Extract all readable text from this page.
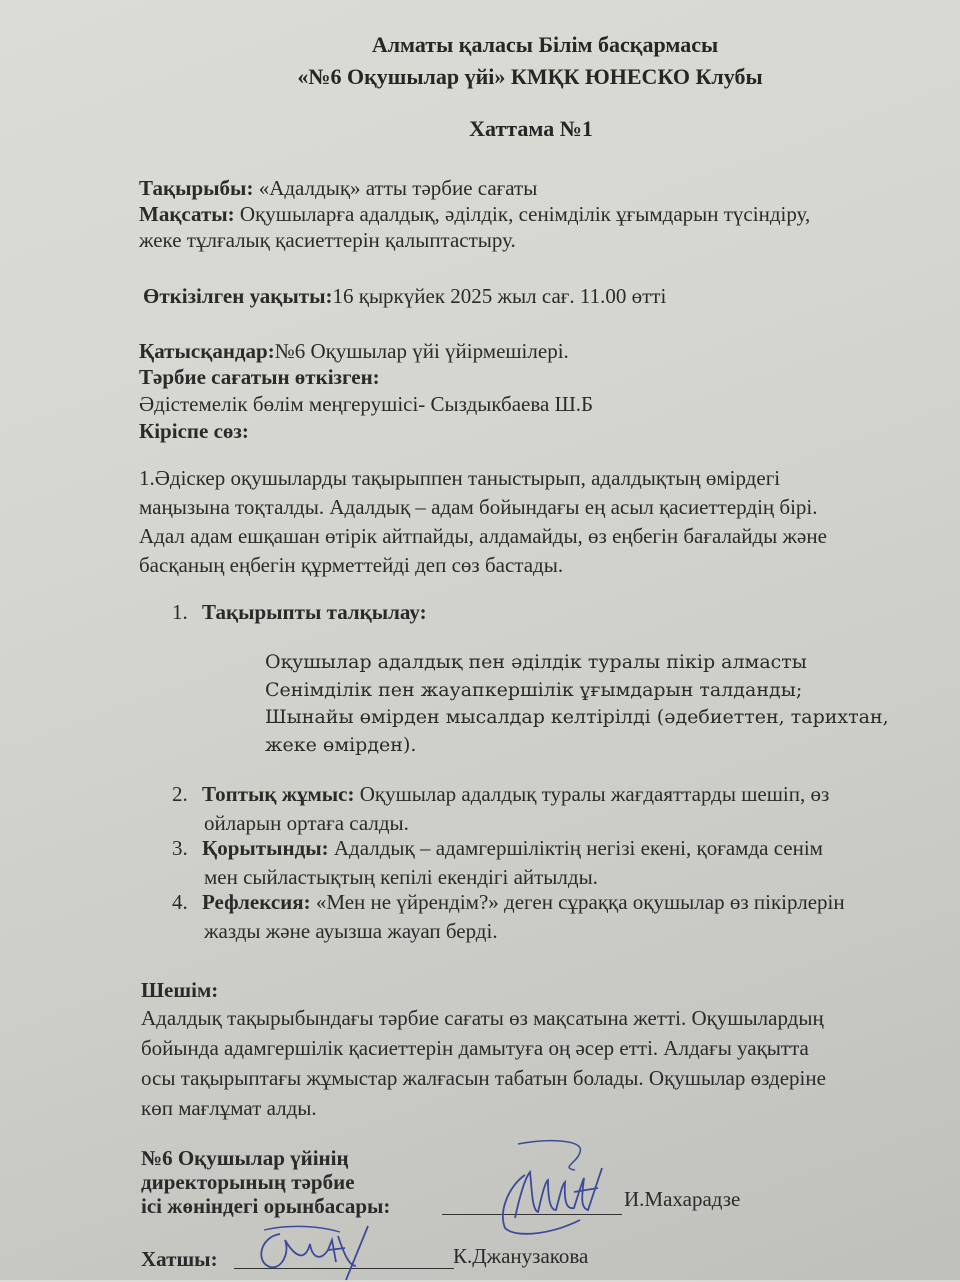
Алматы қаласы Білім басқармасы
«№6 Оқушылар үйі» КМҚК ЮНЕСКО Клубы
Хаттама №1
Тақырыбы: «Адалдық» атты тәрбие сағаты
Мақсаты: Оқушыларға адалдық, әділдік, сенімділік ұғымдарын түсіндіру,
жеке тұлғалық қасиеттерін қалыптастыру.
Өткізілген уақыты:16 қыркүйек 2025 жыл сағ. 11.00 өтті
Қатысқандар:№6 Оқушылар үйі үйірмешілері.
Тәрбие сағатын өткізген:
Әдістемелік бөлім меңгерушісі- Сыздыкбаева Ш.Б
Кіріспе сөз:
1.Әдіскер оқушыларды тақырыппен таныстырып, адалдықтың өмірдегі
маңызына тоқталды. Адалдық – адам бойындағы ең асыл қасиеттердің бірі.
Адал адам ешқашан өтірік айтпайды, алдамайды, өз еңбегін бағалайды және
басқаның еңбегін құрметтейді деп сөз бастады.
1. Тақырыпты талқылау:
Оқушылар адалдық пен әділдік туралы пікір алмасты
Сенімділік пен жауапкершілік ұғымдарын талданды;
Шынайы өмірден мысалдар келтірілді (әдебиеттен, тарихтан,
жеке өмірден).
2. Топтық жұмыс: Оқушылар адалдық туралы жағдаяттарды шешіп, өз
ойларын ортаға салды.
3. Қорытынды: Адалдық – адамгершіліктің негізі екені, қоғамда сенім
мен сыйластықтың кепілі екендігі айтылды.
4. Рефлексия: «Мен не үйрендім?» деген сұраққа оқушылар өз пікірлерін
жазды және ауызша жауап берді.
Шешім:
Адалдық тақырыбындағы тәрбие сағаты өз мақсатына жетті. Оқушылардың
бойында адамгершілік қасиеттерін дамытуға оң әсер етті. Алдағы уақытта
осы тақырыптағы жұмыстар жалғасын табатын болады. Оқушылар өздеріне
көп мағлұмат алды.
№6 Оқушылар үйінің
директорының тәрбие
ісі жөніндегі орынбасары:	И.Махарадзе
Хатшы:	К.Джанузакова
